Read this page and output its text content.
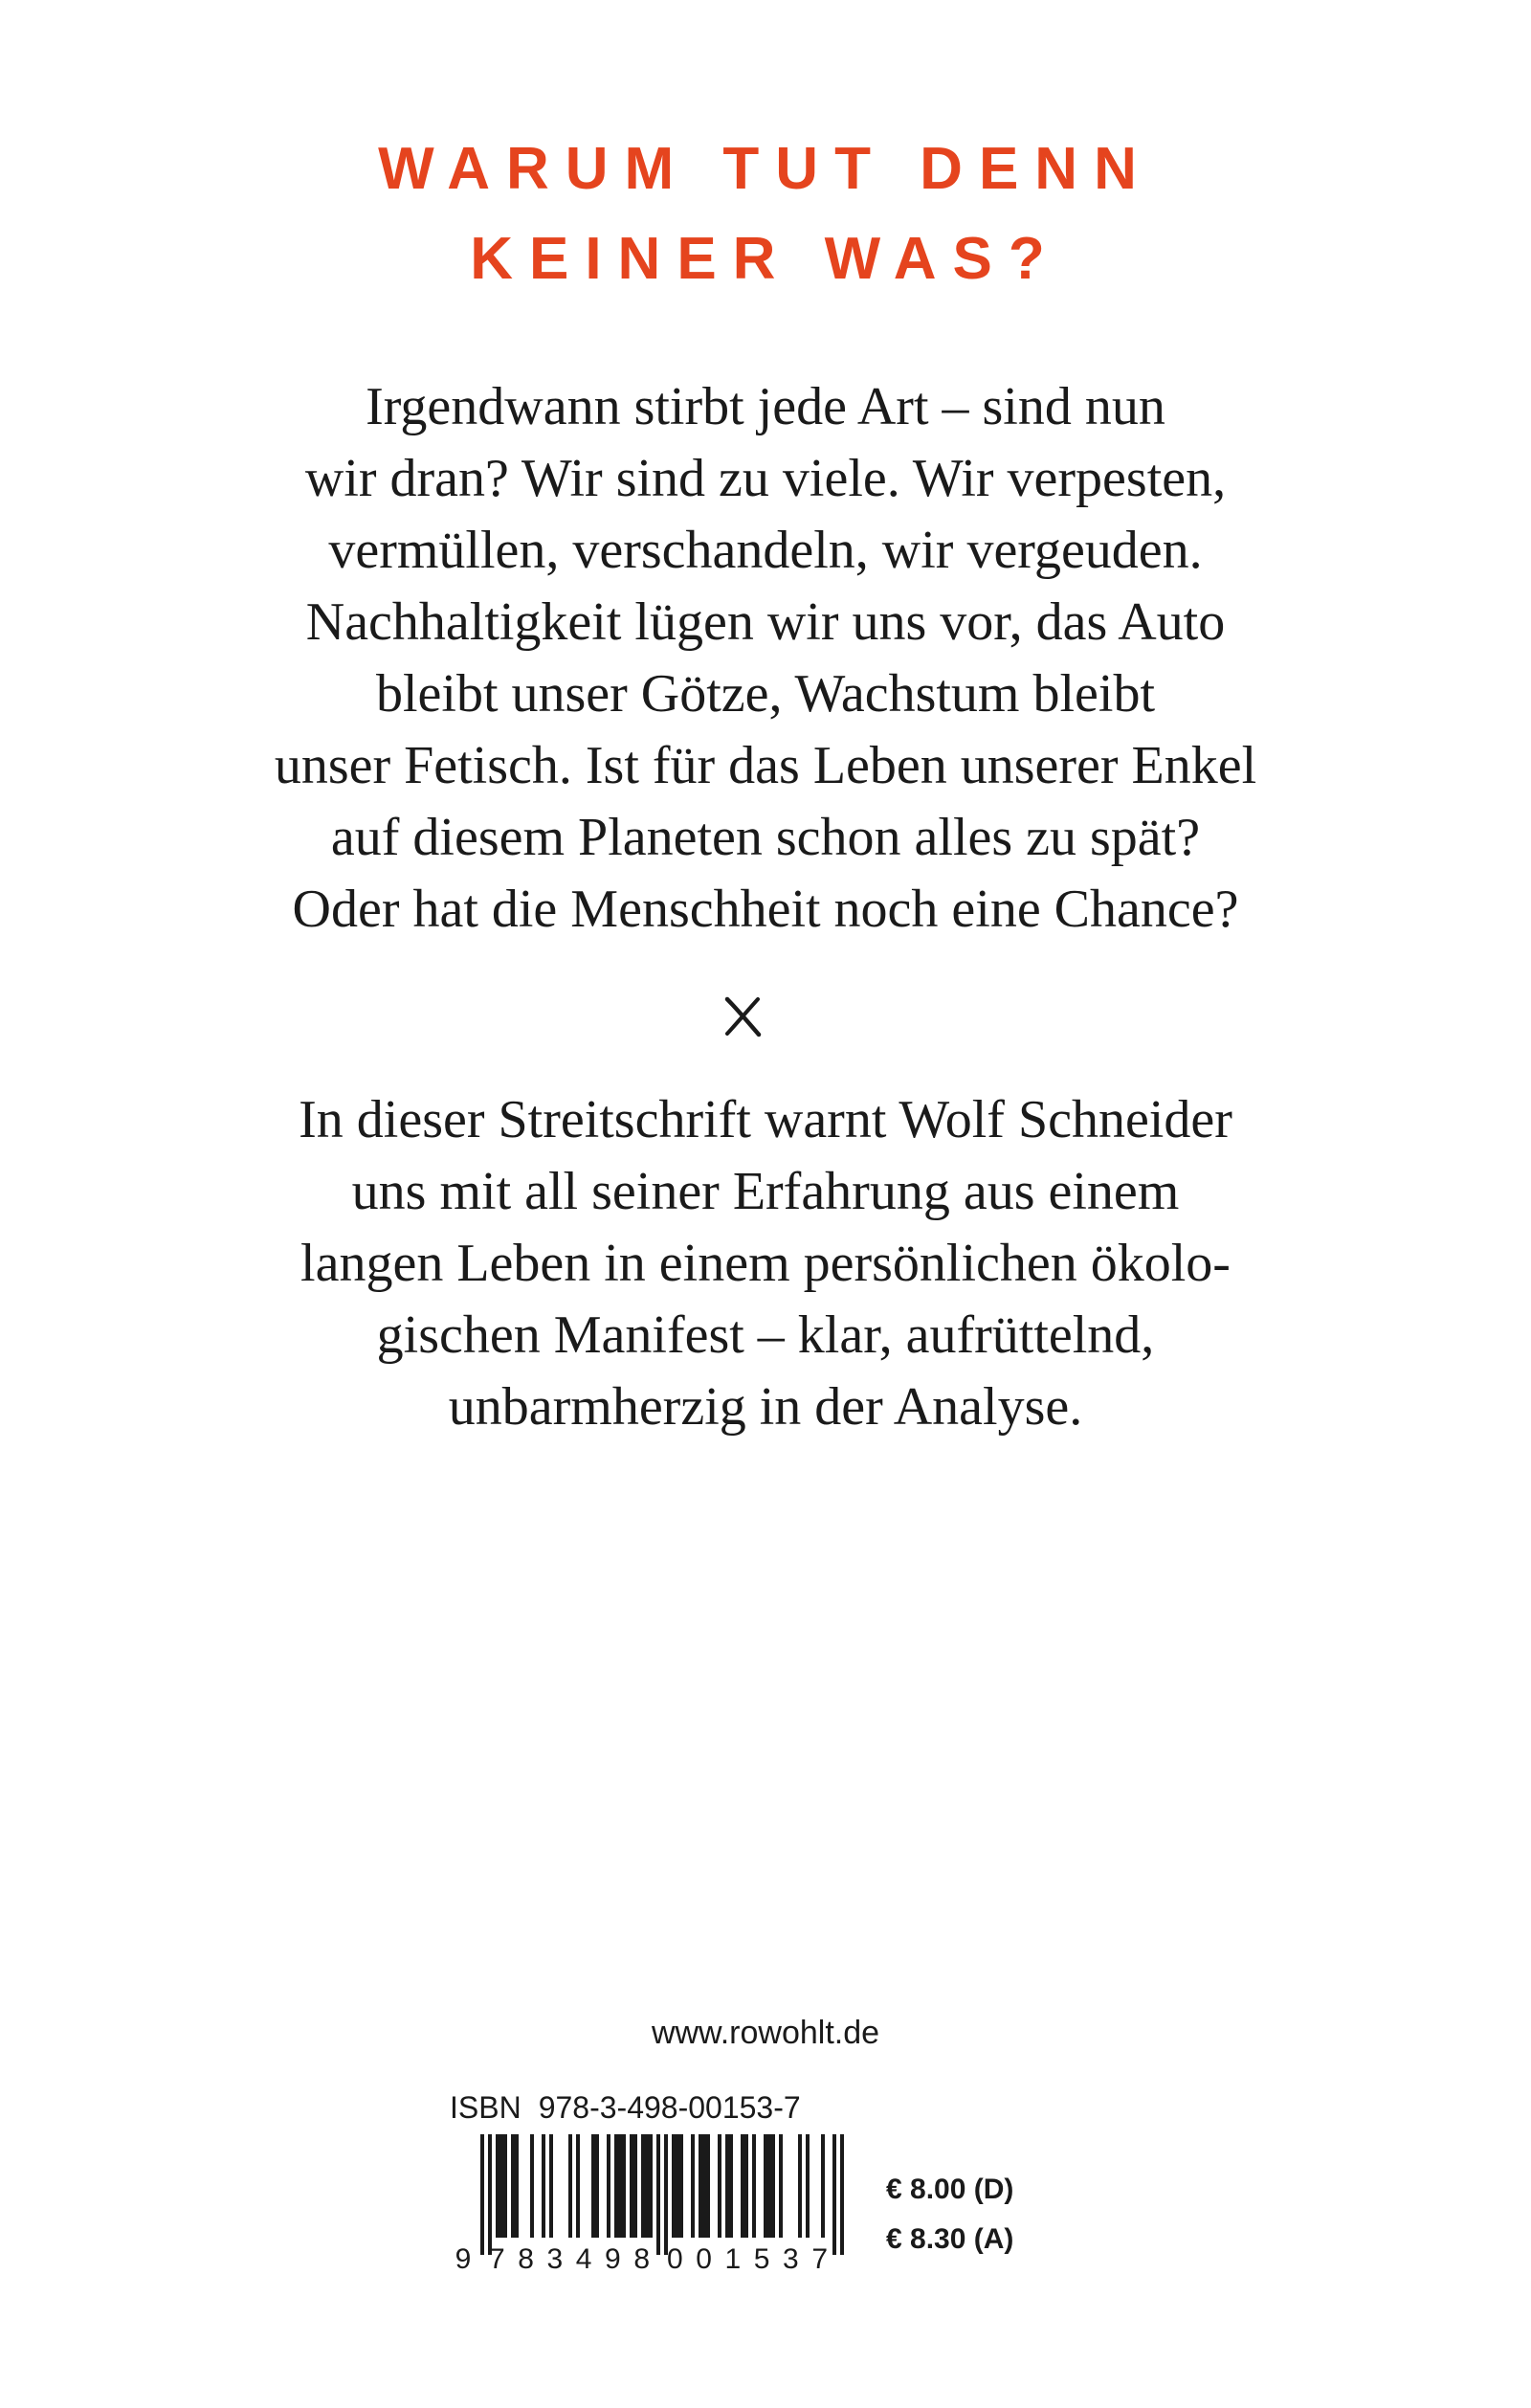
WARUM TUT DENN
KEINER WAS?

Irgendwann stirbt jede Art – sind nun
wir dran? Wir sind zu viele. Wir verpesten,
vermüllen, verschandeln, wir vergeuden.
Nachhaltigkeit lügen wir uns vor, das Auto
bleibt unser Götze, Wachstum bleibt
unser Fetisch. Ist für das Leben unserer Enkel
auf diesem Planeten schon alles zu spät?
Oder hat die Menschheit noch eine Chance?

In dieser Streitschrift warnt Wolf Schneider
uns mit all seiner Erfahrung aus einem
langen Leben in einem persönlichen ökolo-
gischen Manifest – klar, aufrüttelnd,
unbarmherzig in der Analyse.

www.rowohlt.de
ISBN 978-3-498-00153-7
9 783498 001537
€ 8.00 (D)
€ 8.30 (A)
